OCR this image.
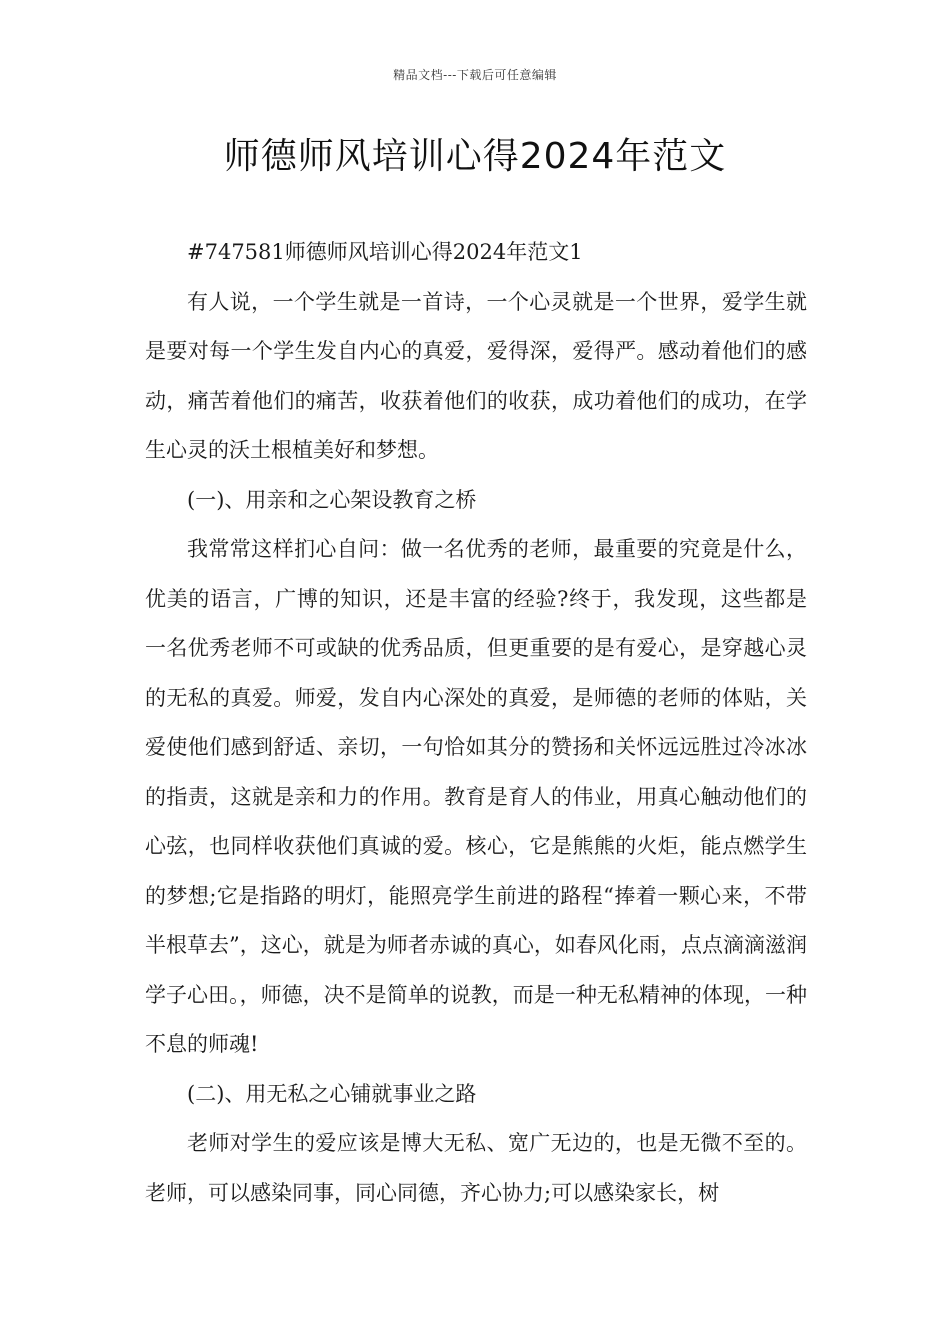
精品文档---下载后可任意编辑
师德师风培训心得2024年范文

#747581师德师风培训心得2024年范文1

有人说，一个学生就是一首诗，一个心灵就是一个世界，爱学生就是要对每一个学生发自内心的真爱，爱得深，爱得严。感动着他们的感动，痛苦着他们的痛苦，收获着他们的收获，成功着他们的成功，在学生心灵的沃土根植美好和梦想。

(一)、用亲和之心架设教育之桥

我常常这样扪心自问：做一名优秀的老师，最重要的究竟是什么，优美的语言，广博的知识，还是丰富的经验?终于，我发现，这些都是一名优秀老师不可或缺的优秀品质，但更重要的是有爱心，是穿越心灵的无私的真爱。师爱，发自内心深处的真爱，是师德的老师的体贴，关爱使他们感到舒适、亲切，一句恰如其分的赞扬和关怀远远胜过冷冰冰的指责，这就是亲和力的作用。教育是育人的伟业，用真心触动他们的心弦，也同样收获他们真诚的爱。核心，它是熊熊的火炬，能点燃学生的梦想;它是指路的明灯，能照亮学生前进的路程“捧着一颗心来，不带半根草去”，这心，就是为师者赤诚的真心，如春风化雨，点点滴滴滋润学子心田。，师德，决不是简单的说教，而是一种无私精神的体现，一种不息的师魂!

(二)、用无私之心铺就事业之路

老师对学生的爱应该是博大无私、宽广无边的，也是无微不至的。老师，可以感染同事，同心同德，齐心协力;可以感染家长，树
